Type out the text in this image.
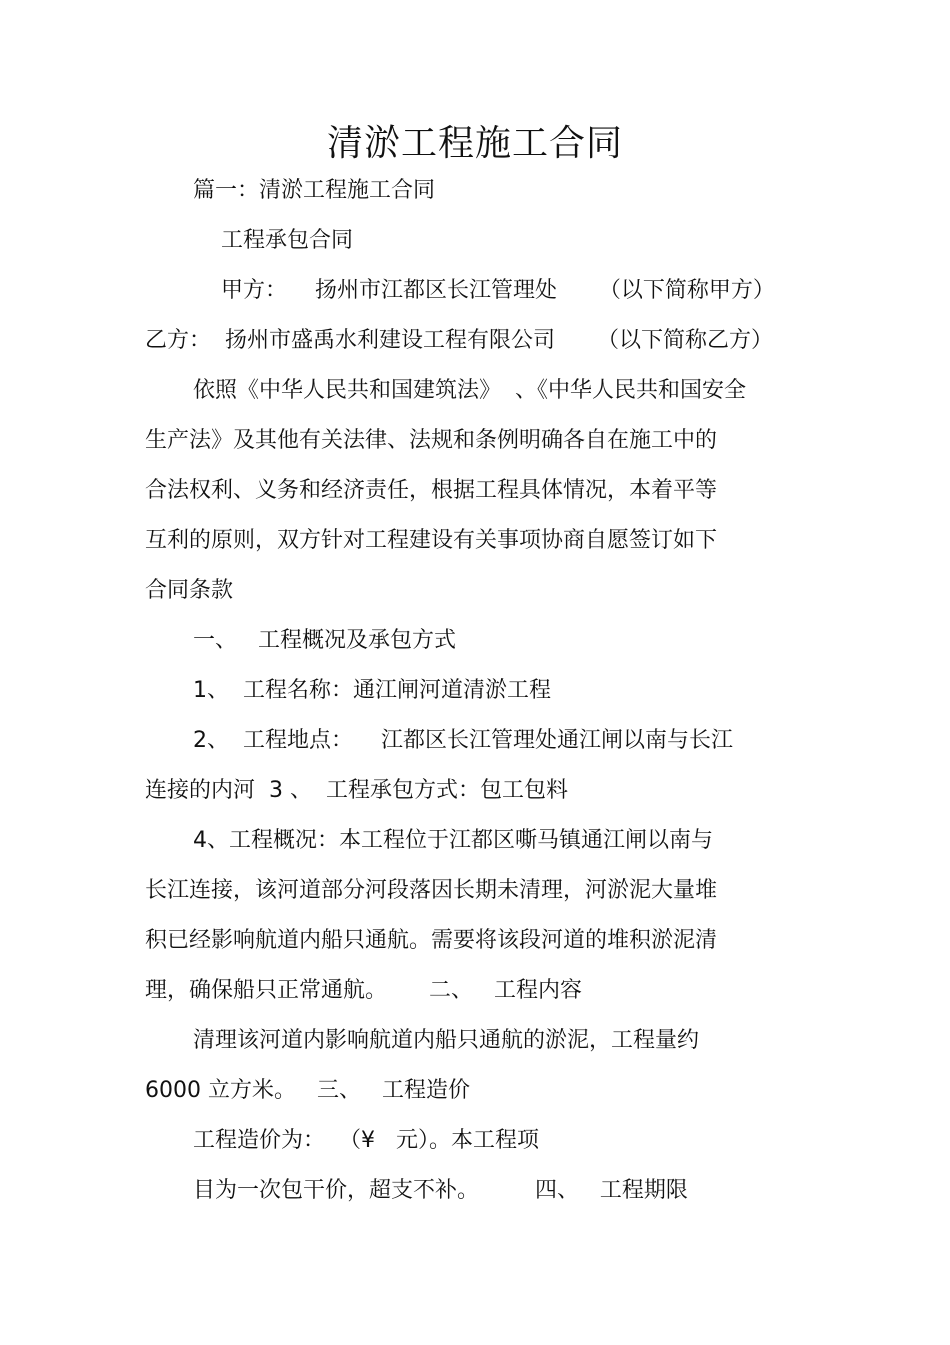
清淤工程施工合同
篇一：清淤工程施工合同
工程承包合同
甲方：    扬州市江都区长江管理处      （以下简称甲方）
乙方：  扬州市盛禹水利建设工程有限公司      （以下简称乙方）
依照《中华人民共和国建筑法》  、《中华人民共和国安全
生产法》及其他有关法律、法规和条例明确各自在施工中的
合法权利、义务和经济责任，根据工程具体情况，本着平等
互利的原则，双方针对工程建设有关事项协商自愿签订如下
合同条款
一、   工程概况及承包方式
1、  工程名称：通江闸河道清淤工程
2、  工程地点：    江都区长江管理处通江闸以南与长江
连接的内河  3 、  工程承包方式：包工包料
4、工程概况：本工程位于江都区嘶马镇通江闸以南与
长江连接，该河道部分河段落因长期未清理，河淤泥大量堆
积已经影响航道内船只通航。需要将该段河道的堆积淤泥清
理，确保船只正常通航。      二、   工程内容
清理该河道内影响航道内船只通航的淤泥，工程量约
6000 立方米。   三、   工程造价
工程造价为：  （¥   元）。本工程项
目为一次包干价，超支不补。        四、   工程期限
